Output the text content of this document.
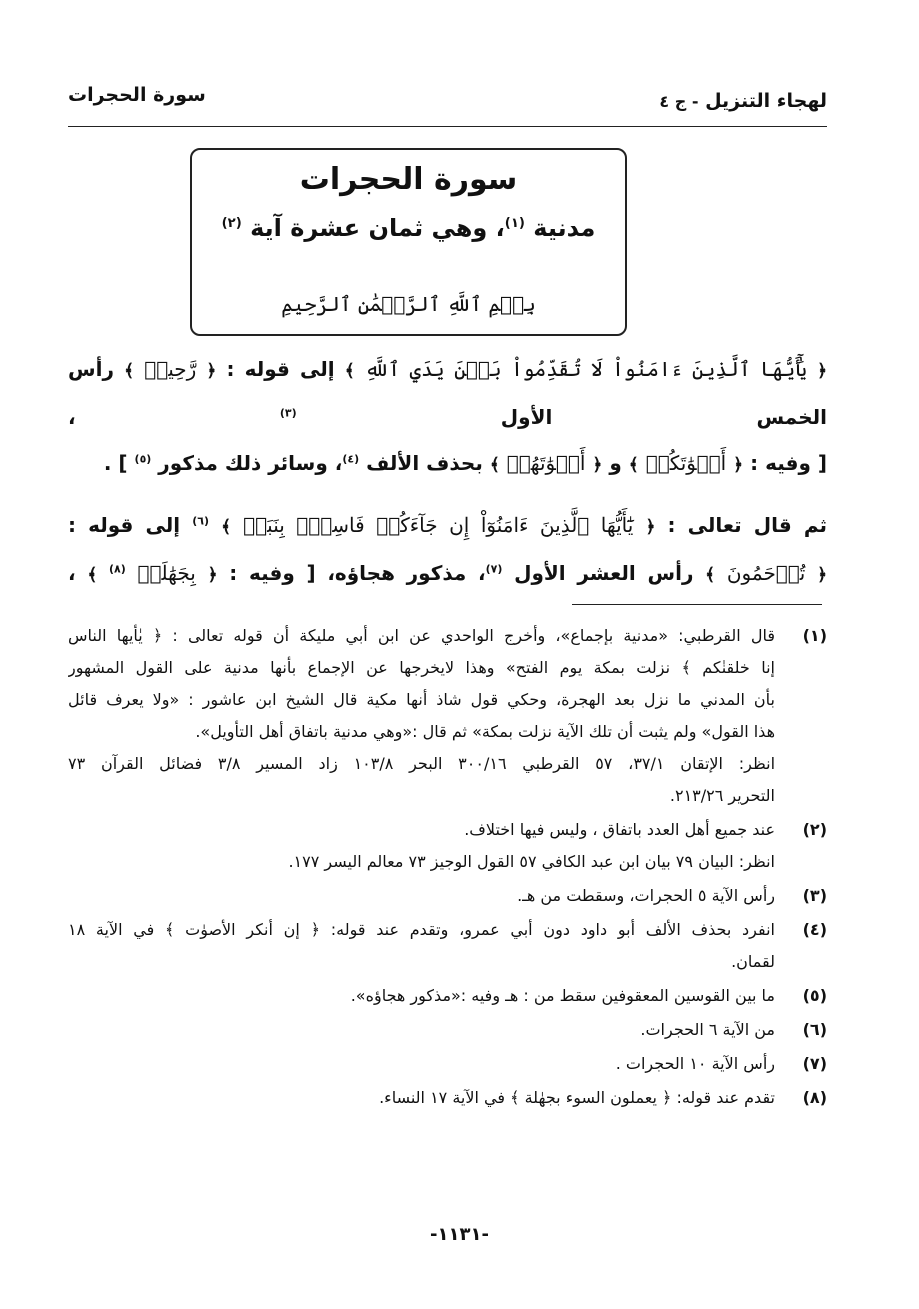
لهجاء التنزيل - ج ٤
سورة الحجرات
سورة الحجرات
مدنية $^{(١)}$، وهي ثمان عشرة آية $^{(٢)}$
بِسۡمِ ٱللَّهِ ٱلرَّحۡمَٰنِ ٱلرَّحِيمِ

﴿ يَٰٓأَيُّهَا ٱلَّذِينَ ءَامَنُواْ لَا تُقَدِّمُواْ بَيۡنَ يَدَيِ ٱللَّهِ ﴾ إلى قوله : ﴿ رَّحِيمٞ ﴾ رأس الخمس الأول $^{(٣)}$ ،

[ وفيه : ﴿ أَصۡوَٰتَكُمۡ ﴾ و ﴿ أَصۡوَٰتَهُمۡ ﴾ بحذف الألف $^{(٤)}$، وسائر ذلك مذكور $^{(٥)}$ ] .

ثم قال تعالى : ﴿ يَٰٓأَيُّهَا ٱلَّذِينَ ءَامَنُوٓاْ إِن جَآءَكُمۡ فَاسِقُۢ بِنَبَإٖ ﴾ $^{(٦)}$ إلى قوله :

﴿ تُرۡحَمُونَ ﴾ رأس العشر الأول $^{(٧)}$، مذكور هجاؤه، [ وفيه : ﴿ بِجَهَٰلَةٖ $^{(٨)}$ ﴾ ،

(١)
قال القرطبي: «مدنية بإجماع»، وأخرج الواحدي عن ابن أبي مليكة أن قوله تعالى : ﴿ يٰأيها الناس
إنا خلقنٰكم ﴾ نزلت بمكة يوم الفتح» وهذا لايخرجها عن الإجماع بأنها مدنية على القول المشهور
بأن المدني ما نزل بعد الهجرة، وحكي قول شاذ أنها مكية قال الشيخ ابن عاشور : «ولا يعرف قائل
هذا القول» ولم يثبت أن تلك الآية نزلت بمكة» ثم قال :«وهي مدنية باتفاق أهل التأويل».
انظر: الإتقان ٣٧/١، ٥٧ القرطبي ٣٠٠/١٦ البحر ١٠٣/٨ زاد المسير ٣/٨ فضائل القرآن ٧٣
التحرير ٢١٣/٢٦.
(٢)
عند جميع أهل العدد باتفاق ، وليس فيها اختلاف.
انظر: البيان ٧٩ بيان ابن عبد الكافي ٥٧ القول الوجيز ٧٣ معالم اليسر ١٧٧.
(٣)
رأس الآية ٥ الحجرات، وسقطت من هـ.
(٤)
انفرد بحذف الألف أبو داود دون أبي عمرو، وتقدم عند قوله: ﴿ إن أنكر الأصوٰت ﴾ في الآية ١٨
لقمان.
(٥)
ما بين القوسين المعقوفين سقط من : هـ وفيه :«مذكور هجاؤه».
(٦)
من الآية ٦ الحجرات.
(٧)
رأس الآية ١٠ الحجرات .
(٨)
تقدم عند قوله: ﴿ يعملون السوء بجهٰلة ﴾ في الآية ١٧ النساء.
-١١٣١-
